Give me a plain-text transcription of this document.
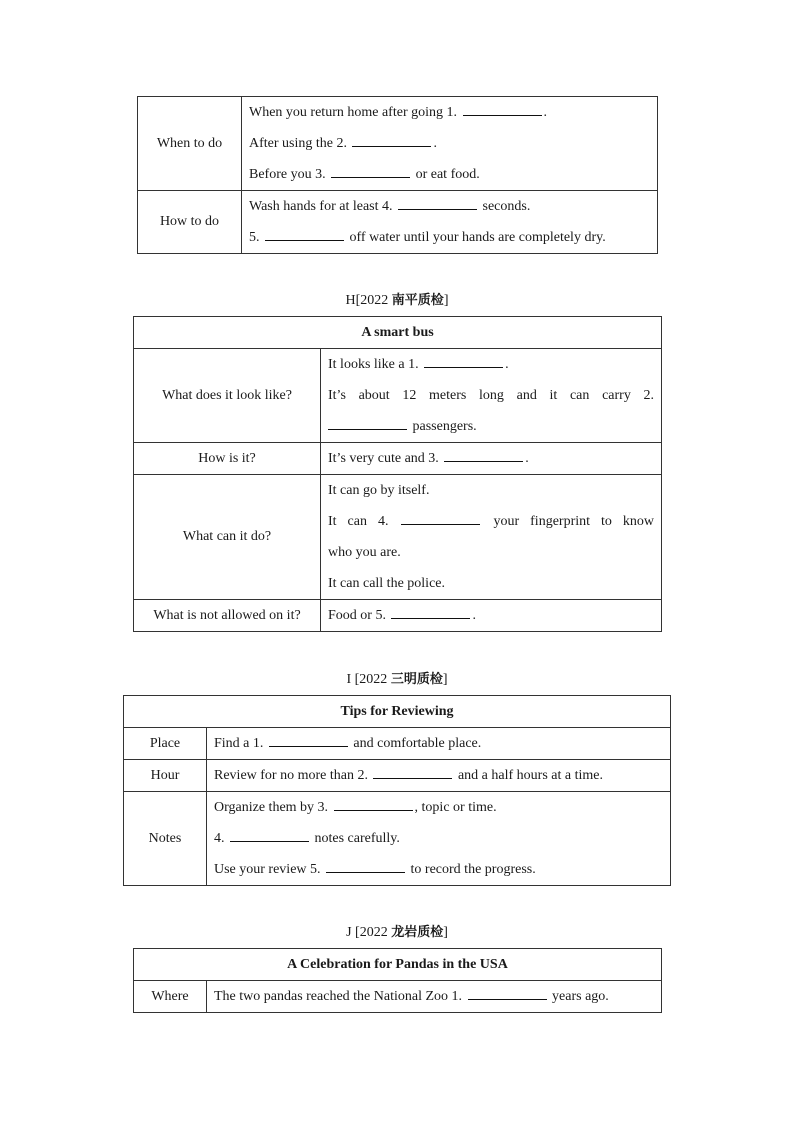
When to do	When you return home after going 1. .
After using the 2. .
Before you 3. or eat food.

How to do	Wash hands for at least 4. seconds.
5. off water until your hands are completely dry.
H[2022 南平质检]
A smart bus	
What does it look like?	It looks like a 1. .
It’s about 12 meters long and it can carry 2.
passengers.

How is it?	It’s very cute and 3. .

What can it do?	It can go by itself.
It can 4. your fingerprint to know
who you are.
It can call the police.

What is not allowed on it?	Food or 5. .
I [2022 三明质检]
Tips for Reviewing	
Place	Find a 1. and comfortable place.

Hour	Review for no more than 2. and a half hours at a time.

Notes	Organize them by 3. , topic or time.
4. notes carefully.
Use your review 5. to record the progress.
J [2022 龙岩质检]
A Celebration for Pandas in the USA
Where	The two pandas reached the National Zoo 1.	years ago.
